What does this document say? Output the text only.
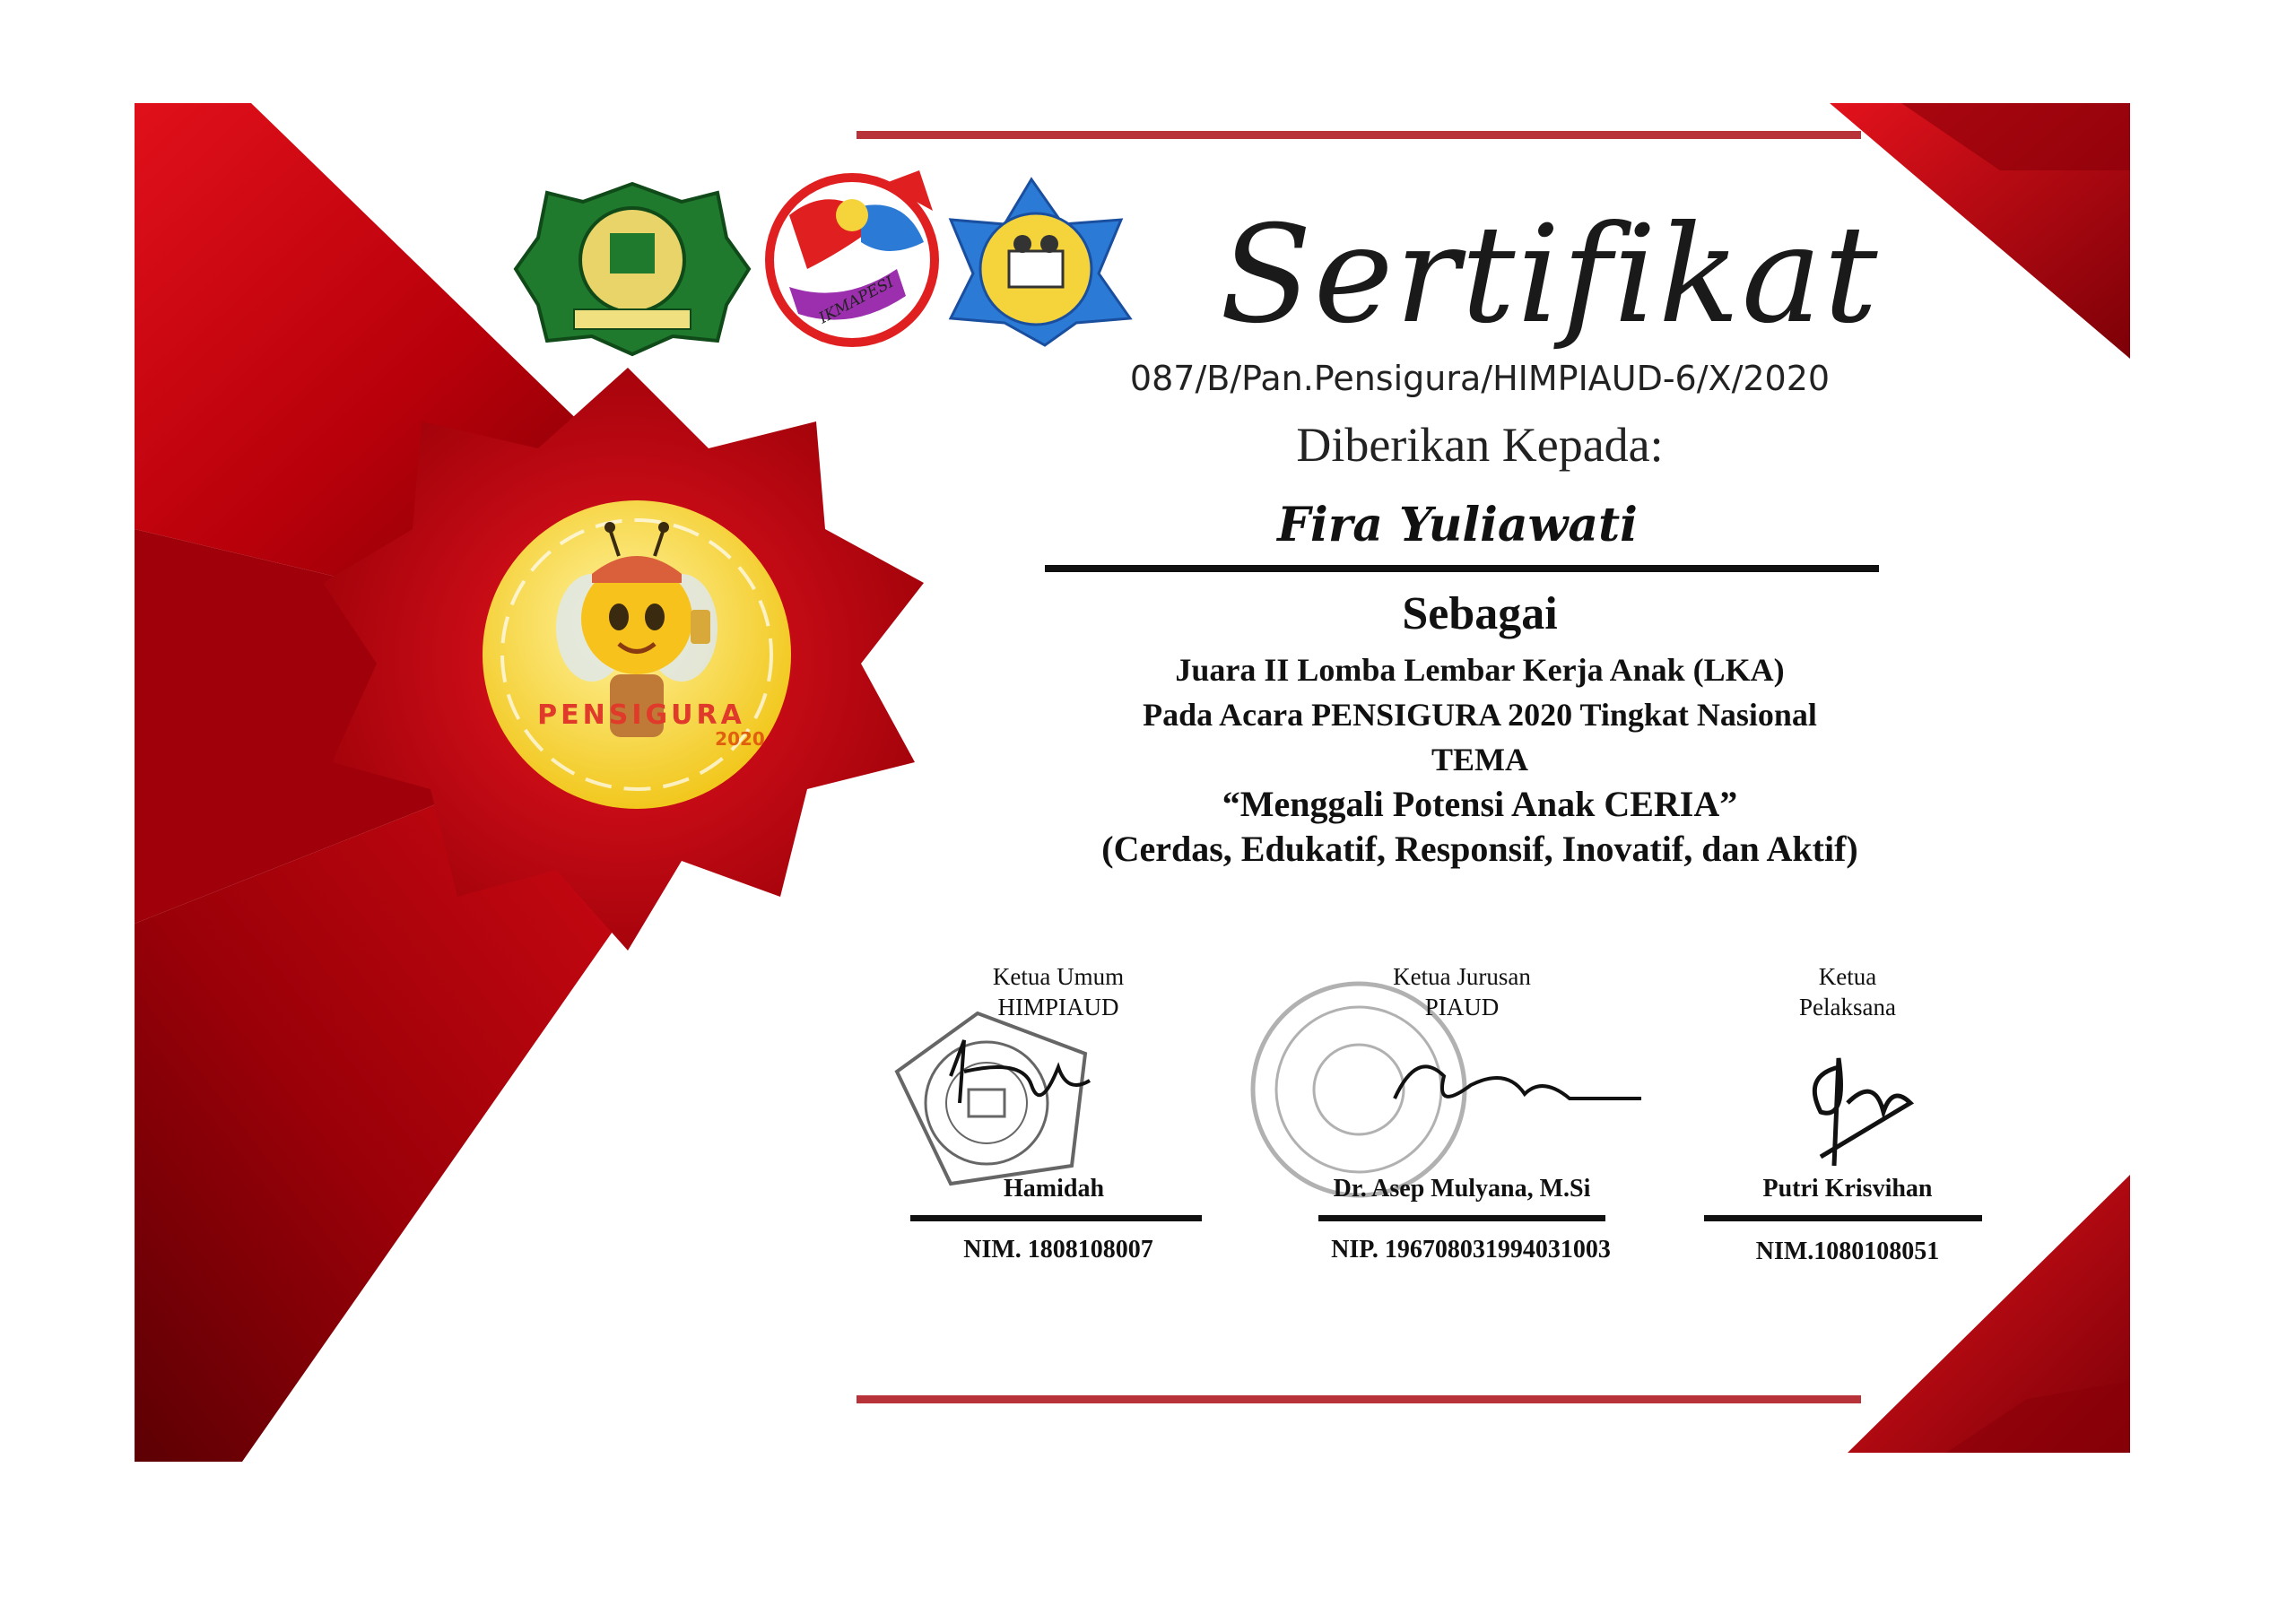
PENSIGURA
2020
IKMAPESI Sertifikat
087/B/Pan.Pensigura/HIMPIAUD-6/X/2020
Diberikan Kepada:
Fira Yuliawati
Sebagai
Juara II Lomba Lembar Kerja Anak (LKA)
Pada Acara PENSIGURA 2020 Tingkat Nasional
TEMA
“Menggali Potensi Anak CERIA”
(Cerdas, Edukatif, Responsif, Inovatif, dan Aktif)
Ketua Umum
HIMPIAUD
Hamidah
NIM. 1808108007
Ketua Jurusan
PIAUD
Dr. Asep Mulyana, M.Si
NIP. 196708031994031003
Ketua
Pelaksana
Putri Krisvihan
NIM.1080108051
